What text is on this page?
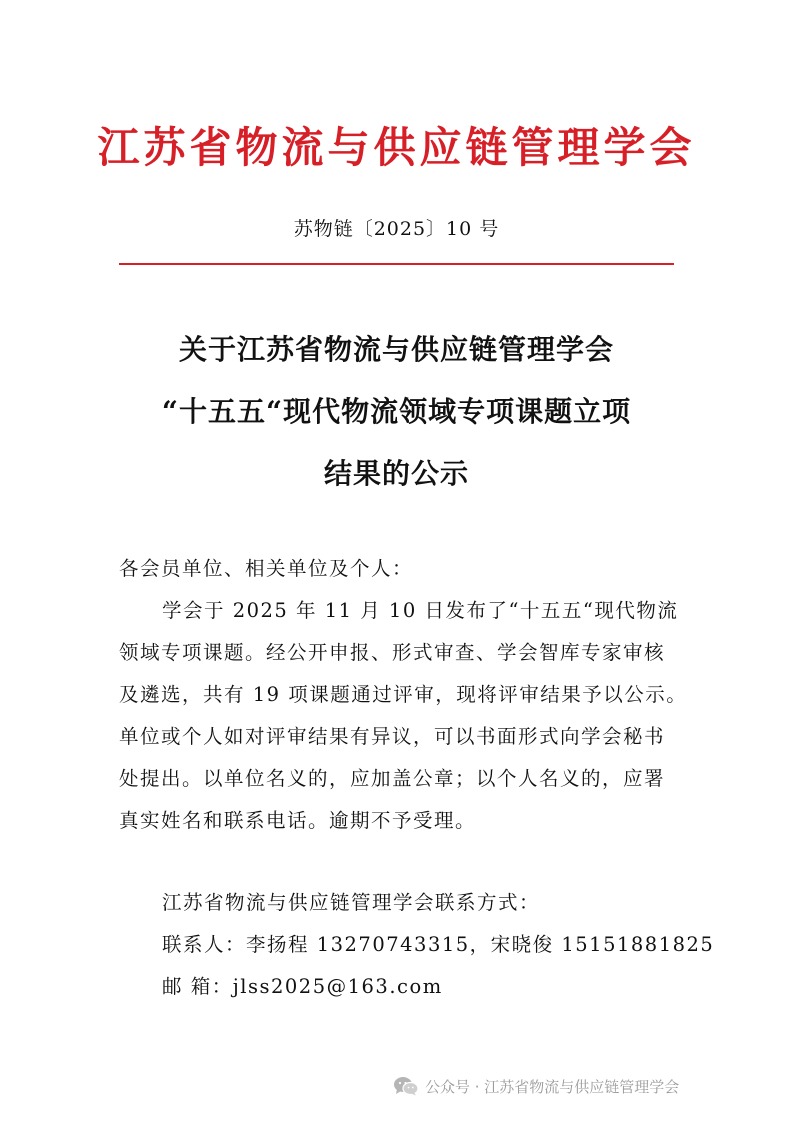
江苏省物流与供应链管理学会
苏物链〔2025〕10 号
关于江苏省物流与供应链管理学会
“十五五“现代物流领域专项课题立项
结果的公示
各会员单位、相关单位及个人：
学会于 2025 年 11 月 10 日发布了“十五五“现代物流
领域专项课题。经公开申报、形式审查、学会智库专家审核
及遴选，共有 19 项课题通过评审，现将评审结果予以公示。
单位或个人如对评审结果有异议，可以书面形式向学会秘书
处提出。以单位名义的，应加盖公章；以个人名义的，应署
真实姓名和联系电话。逾期不予受理。
江苏省物流与供应链管理学会联系方式：
联系人：李扬程 13270743315，宋晓俊 15151881825
邮 箱：jlss2025@163.com
公众号 · 江苏省物流与供应链管理学会
